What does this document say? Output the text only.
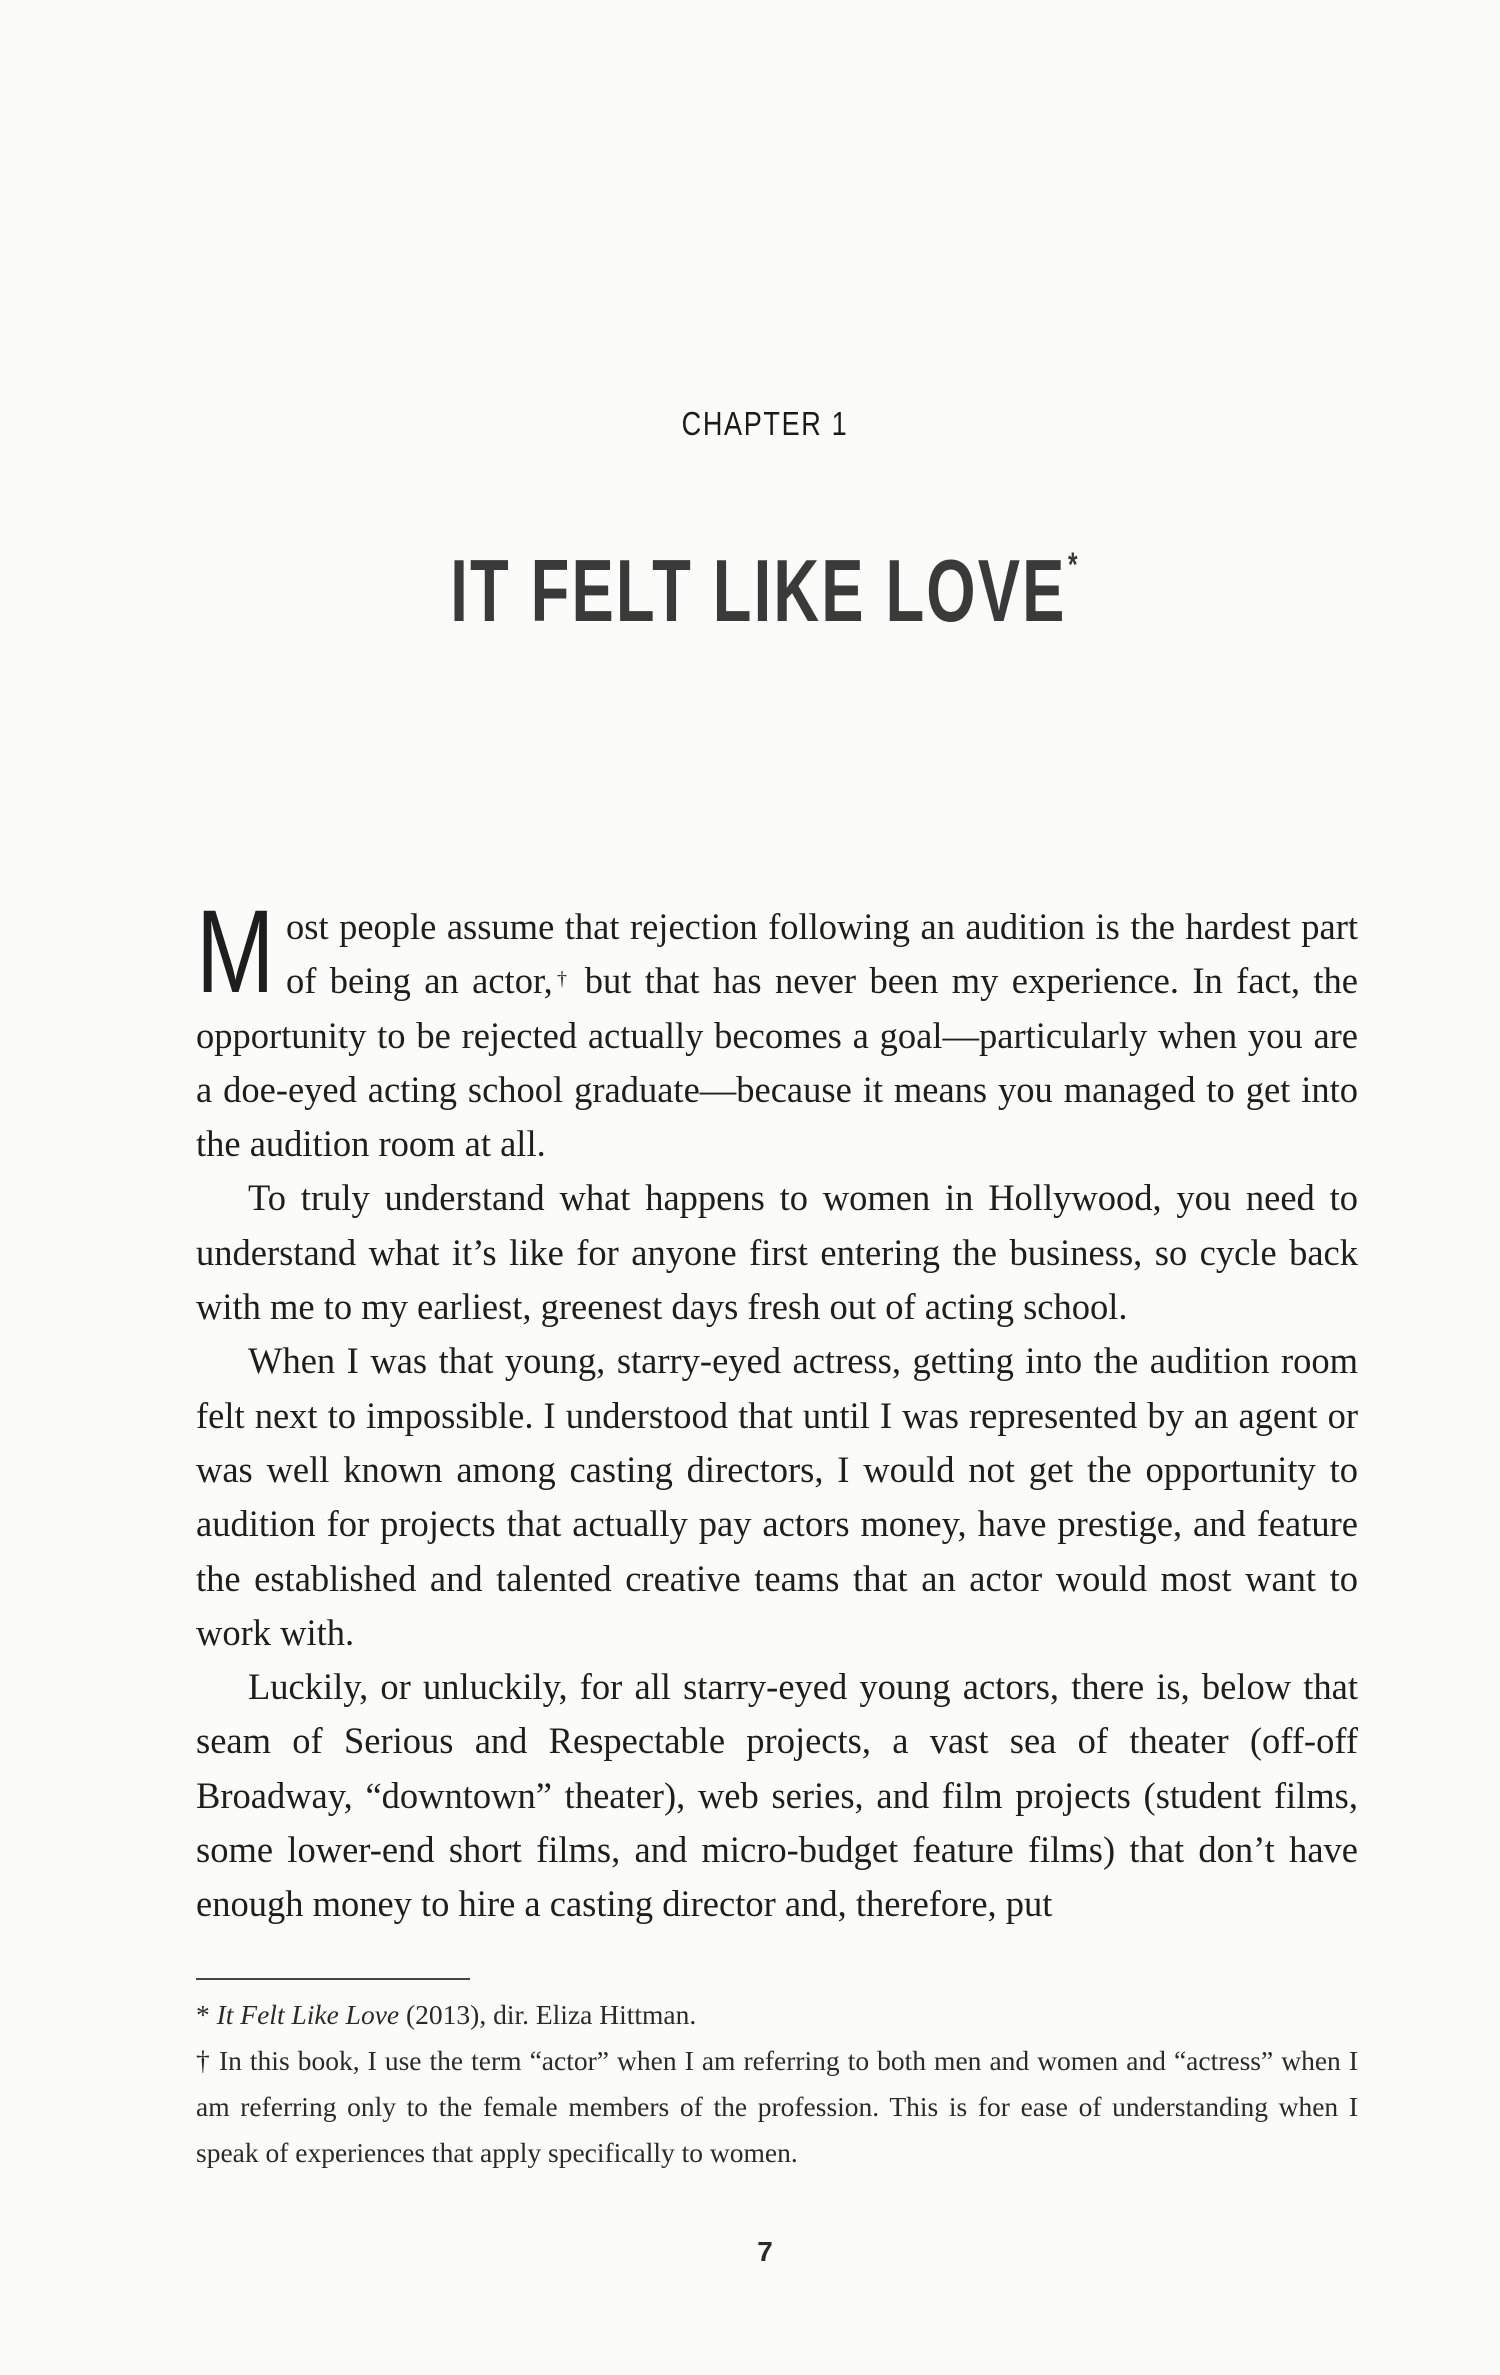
CHAPTER 1
IT FELT LIKE LOVE*

Most people assume that rejection following an audition is the hardest part of being an actor,† but that has never been my experience. In fact, the opportunity to be rejected actually becomes a goal—particularly when you are a doe-eyed acting school graduate—because it means you managed to get into the audition room at all.

To truly understand what happens to women in Hollywood, you need to understand what it’s like for anyone first entering the business, so cycle back with me to my earliest, greenest days fresh out of acting school.

When I was that young, starry-eyed actress, getting into the audition room felt next to impossible. I understood that until I was represented by an agent or was well known among casting directors, I would not get the opportunity to audition for projects that actually pay actors money, have prestige, and feature the established and talented creative teams that an actor would most want to work with.

Luckily, or unluckily, for all starry-eyed young actors, there is, below that seam of Serious and Respectable projects, a vast sea of theater (off-off Broadway, “downtown” theater), web series, and film projects (student films, some lower-end short films, and micro-budget feature films) that don’t have enough money to hire a casting director and, therefore, put

* It Felt Like Love (2013), dir. Eliza Hittman.

† In this book, I use the term “actor” when I am referring to both men and women and “actress” when I am referring only to the female members of the profession. This is for ease of understanding when I speak of experiences that apply specifically to women.

7
